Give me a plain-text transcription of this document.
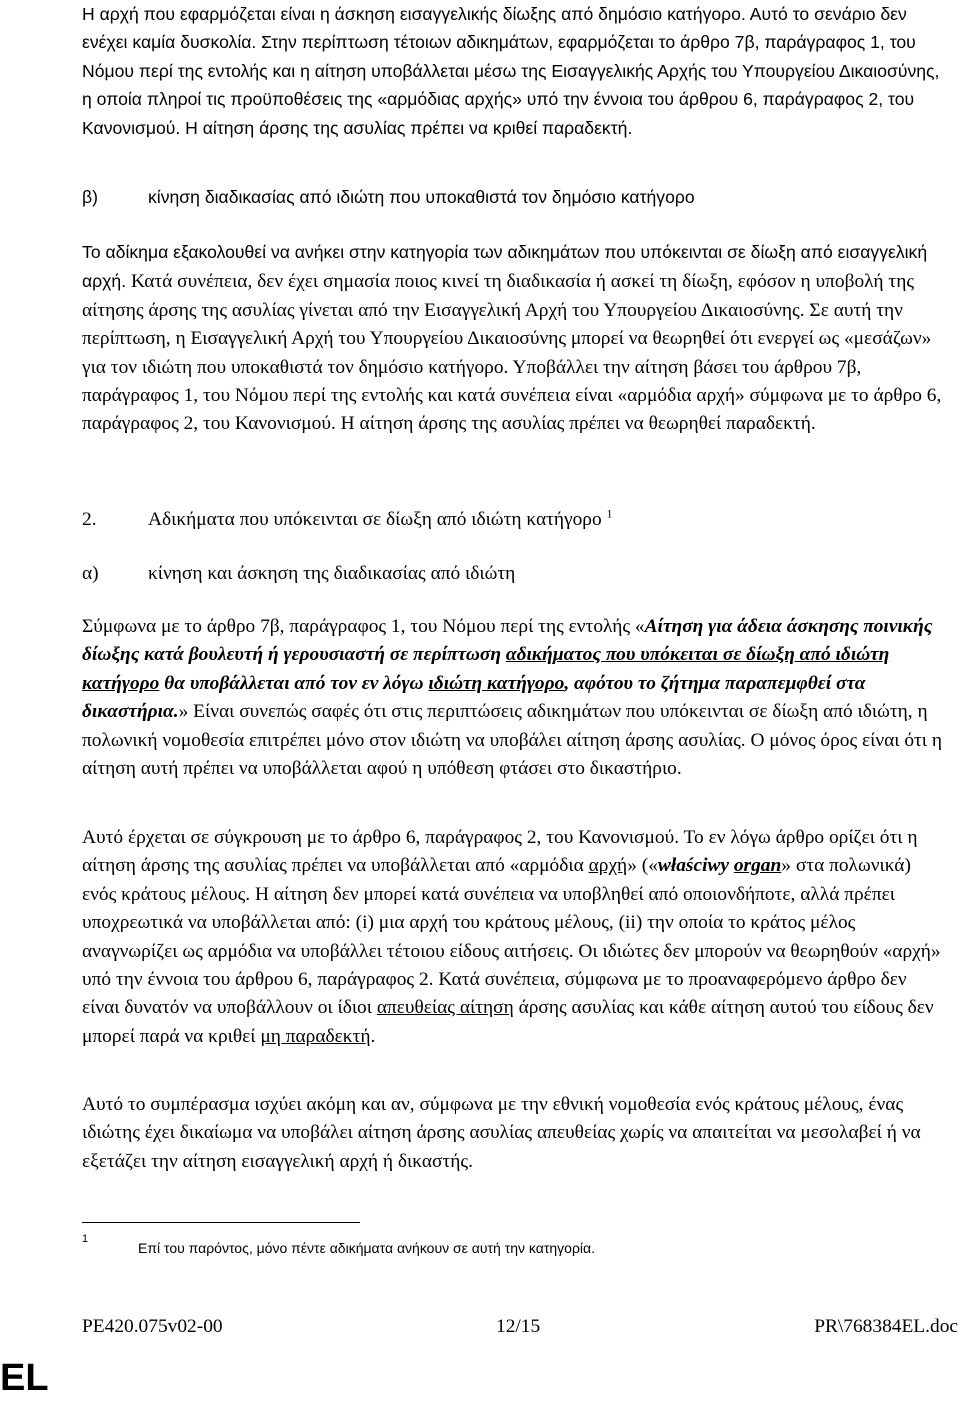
Η αρχή που εφαρμόζεται είναι η άσκηση εισαγγελικής δίωξης από δημόσιο κατήγορο. Αυτό το σενάριο δεν ενέχει καμία δυσκολία. Στην περίπτωση τέτοιων αδικημάτων, εφαρμόζεται το άρθρο 7β, παράγραφος 1, του Νόμου περί της εντολής και η αίτηση υποβάλλεται μέσω της Εισαγγελικής Αρχής του Υπουργείου Δικαιοσύνης, η οποία πληροί τις προϋποθέσεις της «αρμόδιας αρχής» υπό την έννοια του άρθρου 6, παράγραφος 2, του Κανονισμού. Η αίτηση άρσης της ασυλίας πρέπει να κριθεί παραδεκτή.

β)	κίνηση διαδικασίας από ιδιώτη που υποκαθιστά τον δημόσιο κατήγορο

Το αδίκημα εξακολουθεί να ανήκει στην κατηγορία των αδικημάτων που υπόκεινται σε δίωξη από εισαγγελική αρχή. Κατά συνέπεια, δεν έχει σημασία ποιος κινεί τη διαδικασία ή ασκεί τη δίωξη, εφόσον η υποβολή της αίτησης άρσης της ασυλίας γίνεται από την Εισαγγελική Αρχή του Υπουργείου Δικαιοσύνης. Σε αυτή την περίπτωση, η Εισαγγελική Αρχή του Υπουργείου Δικαιοσύνης μπορεί να θεωρηθεί ότι ενεργεί ως «μεσάζων» για τον ιδιώτη που υποκαθιστά τον δημόσιο κατήγορο. Υποβάλλει την αίτηση βάσει του άρθρου 7β, παράγραφος 1, του Νόμου περί της εντολής και κατά συνέπεια είναι «αρμόδια αρχή» σύμφωνα με το άρθρο 6, παράγραφος 2, του Κανονισμού. Η αίτηση άρσης της ασυλίας πρέπει να θεωρηθεί παραδεκτή.

2.	Αδικήματα που υπόκεινται σε δίωξη από ιδιώτη κατήγορο $^1$

α)	κίνηση και άσκηση της διαδικασίας από ιδιώτη

Σύμφωνα με το άρθρο 7β, παράγραφος 1, του Νόμου περί της εντολής «Αίτηση για άδεια άσκησης ποινικής δίωξης κατά βουλευτή ή γερουσιαστή σε περίπτωση αδικήματος που υπόκειται σε δίωξη από ιδιώτη κατήγορο θα υποβάλλεται από τον εν λόγω ιδιώτη κατήγορο, αφότου το ζήτημα παραπεμφθεί στα δικαστήρια.» Είναι συνεπώς σαφές ότι στις περιπτώσεις αδικημάτων που υπόκεινται σε δίωξη από ιδιώτη, η πολωνική νομοθεσία επιτρέπει μόνο στον ιδιώτη να υποβάλει αίτηση άρσης ασυλίας. Ο μόνος όρος είναι ότι η αίτηση αυτή πρέπει να υποβάλλεται αφού η υπόθεση φτάσει στο δικαστήριο.

Αυτό έρχεται σε σύγκρουση με το άρθρο 6, παράγραφος 2, του Κανονισμού. Το εν λόγω άρθρο ορίζει ότι η αίτηση άρσης της ασυλίας πρέπει να υποβάλλεται από «αρμόδια αρχή» («właściwy organ» στα πολωνικά) ενός κράτους μέλους. Η αίτηση δεν μπορεί κατά συνέπεια να υποβληθεί από οποιονδήποτε, αλλά πρέπει υποχρεωτικά να υποβάλλεται από: (i) μια αρχή του κράτους μέλους, (ii) την οποία το κράτος μέλος αναγνωρίζει ως αρμόδια να υποβάλλει τέτοιου είδους αιτήσεις. Οι ιδιώτες δεν μπορούν να θεωρηθούν «αρχή» υπό την έννοια του άρθρου 6, παράγραφος 2. Κατά συνέπεια, σύμφωνα με το προαναφερόμενο άρθρο δεν είναι δυνατόν να υποβάλλουν οι ίδιοι απευθείας αίτηση άρσης ασυλίας και κάθε αίτηση αυτού του είδους δεν μπορεί παρά να κριθεί μη παραδεκτή.

Αυτό το συμπέρασμα ισχύει ακόμη και αν, σύμφωνα με την εθνική νομοθεσία ενός κράτους μέλους, ένας ιδιώτης έχει δικαίωμα να υποβάλει αίτηση άρσης ασυλίας απευθείας χωρίς να απαιτείται να μεσολαβεί ή να εξετάζει την αίτηση εισαγγελική αρχή ή δικαστής.

1
Επί του παρόντος, μόνο πέντε αδικήματα ανήκουν σε αυτή την κατηγορία.
PE420.075v02-00	12/15	PR\768384EL.doc
EL
